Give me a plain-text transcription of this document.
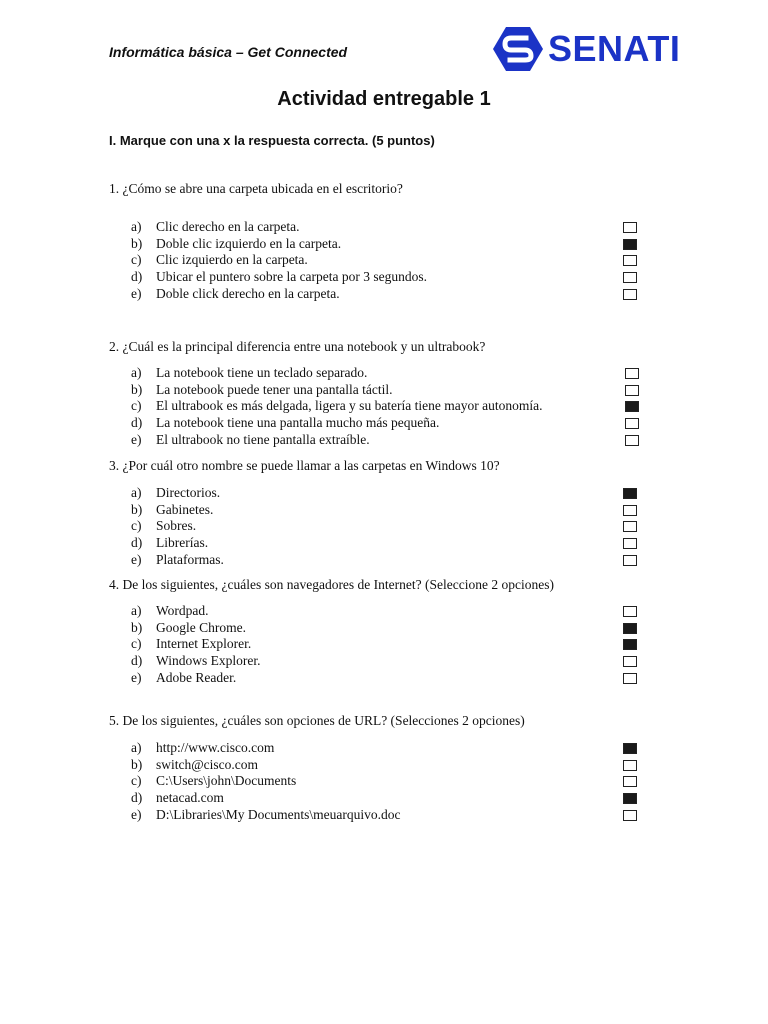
Informática básica – Get Connected	SENATI
Actividad entregable 1
I. Marque con una x la respuesta correcta. (5 puntos)
1. ¿Cómo se abre una carpeta ubicada en el escritorio?
a) Clic derecho en la carpeta.
b) Doble clic izquierdo en la carpeta.
c) Clic izquierdo en la carpeta.
d) Ubicar el puntero sobre la carpeta por 3 segundos.
e) Doble click derecho en la carpeta.
2. ¿Cuál es la principal diferencia entre una notebook y un ultrabook?
a) La notebook tiene un teclado separado.
b) La notebook puede tener una pantalla táctil.
c) El ultrabook es más delgada, ligera y su batería tiene mayor autonomía.
d) La notebook tiene una pantalla mucho más pequeña.
e) El ultrabook no tiene pantalla extraíble.
3. ¿Por cuál otro nombre se puede llamar a las carpetas en Windows 10?
a) Directorios.
b) Gabinetes.
c) Sobres.
d) Librerías.
e) Plataformas.
4. De los siguientes, ¿cuáles son navegadores de Internet? (Seleccione 2 opciones)
a) Wordpad.
b) Google Chrome.
c) Internet Explorer.
d) Windows Explorer.
e) Adobe Reader.
5. De los siguientes, ¿cuáles son opciones de URL? (Selecciones 2 opciones)
a) http://www.cisco.com
b) switch@cisco.com
c) C:\Users\john\Documents
d) netacad.com
e) D:\Libraries\My Documents\meuarquivo.doc
